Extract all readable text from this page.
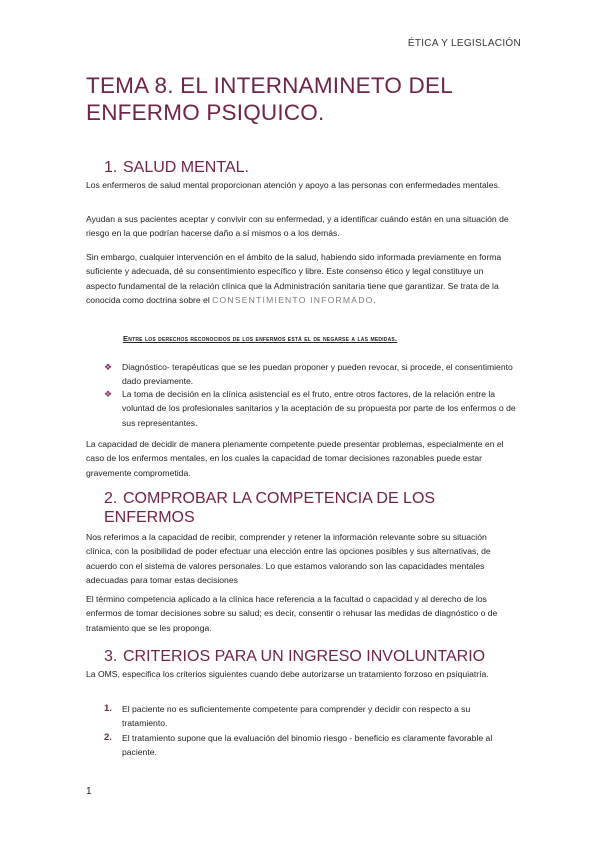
ÉTICA Y LEGISLACIÓN
TEMA 8. EL INTERNAMINETO DEL ENFERMO PSIQUICO.
1. SALUD MENTAL.

Los enfermeros de salud mental proporcionan atención y apoyo a las personas con enfermedades mentales.

Ayudan a sus pacientes aceptar y convivir con su enfermedad, y a identificar cuándo están en una situación de riesgo en la que podrían hacerse daño a sí mismos o a los demás.

Sin embargo, cualquier intervención en el ámbito de la salud, habiendo sido informada previamente en forma suficiente y adecuada, dé su consentimiento específico y libre. Este consenso ético y legal constituye un aspecto fundamental de la relación clínica que la Administración sanitaria tiene que garantizar. Se trata de la conocida como doctrina sobre el CONSENTIMIENTO INFORMADO.

Entre los derechos reconocidos de los enfermos está el de negarse a las medidas.

❖ Diagnóstico- terapéuticas que se les puedan proponer y pueden revocar, si procede, el consentimiento dado previamente.
❖ La toma de decisión en la clínica asistencial es el fruto, entre otros factores, de la relación entre la voluntad de los profesionales sanitarios y la aceptación de su propuesta por parte de los enfermos o de sus representantes.

La capacidad de decidir de manera plenamente competente puede presentar problemas, especialmente en el caso de los enfermos mentales, en los cuales la capacidad de tomar decisiones razonables puede estar gravemente comprometida.

2. COMPROBAR LA COMPETENCIA DE LOS ENFERMOS

Nos referimos a la capacidad de recibir, comprender y retener la información relevante sobre su situación clínica, con la posibilidad de poder efectuar una elección entre las opciones posibles y sus alternativas, de acuerdo con el sistema de valores personales. Lo que estamos valorando son las capacidades mentales adecuadas para tomar estas decisiones

El término competencia aplicado a la clínica hace referencia a la facultad o capacidad y al derecho de los enfermos de tomar decisiones sobre su salud; es decir, consentir o rehusar las medidas de diagnóstico o de tratamiento que se les proponga.

3. CRITERIOS PARA UN INGRESO INVOLUNTARIO

La OMS, especifica los criterios siguientes cuando debe autorizarse un tratamiento forzoso en psiquiatría.

1. El paciente no es suficientemente competente para comprender y decidir con respecto a su tratamiento.
2. El tratamiento supone que la evaluación del binomio riesgo - beneficio es claramente favorable al paciente.
1
